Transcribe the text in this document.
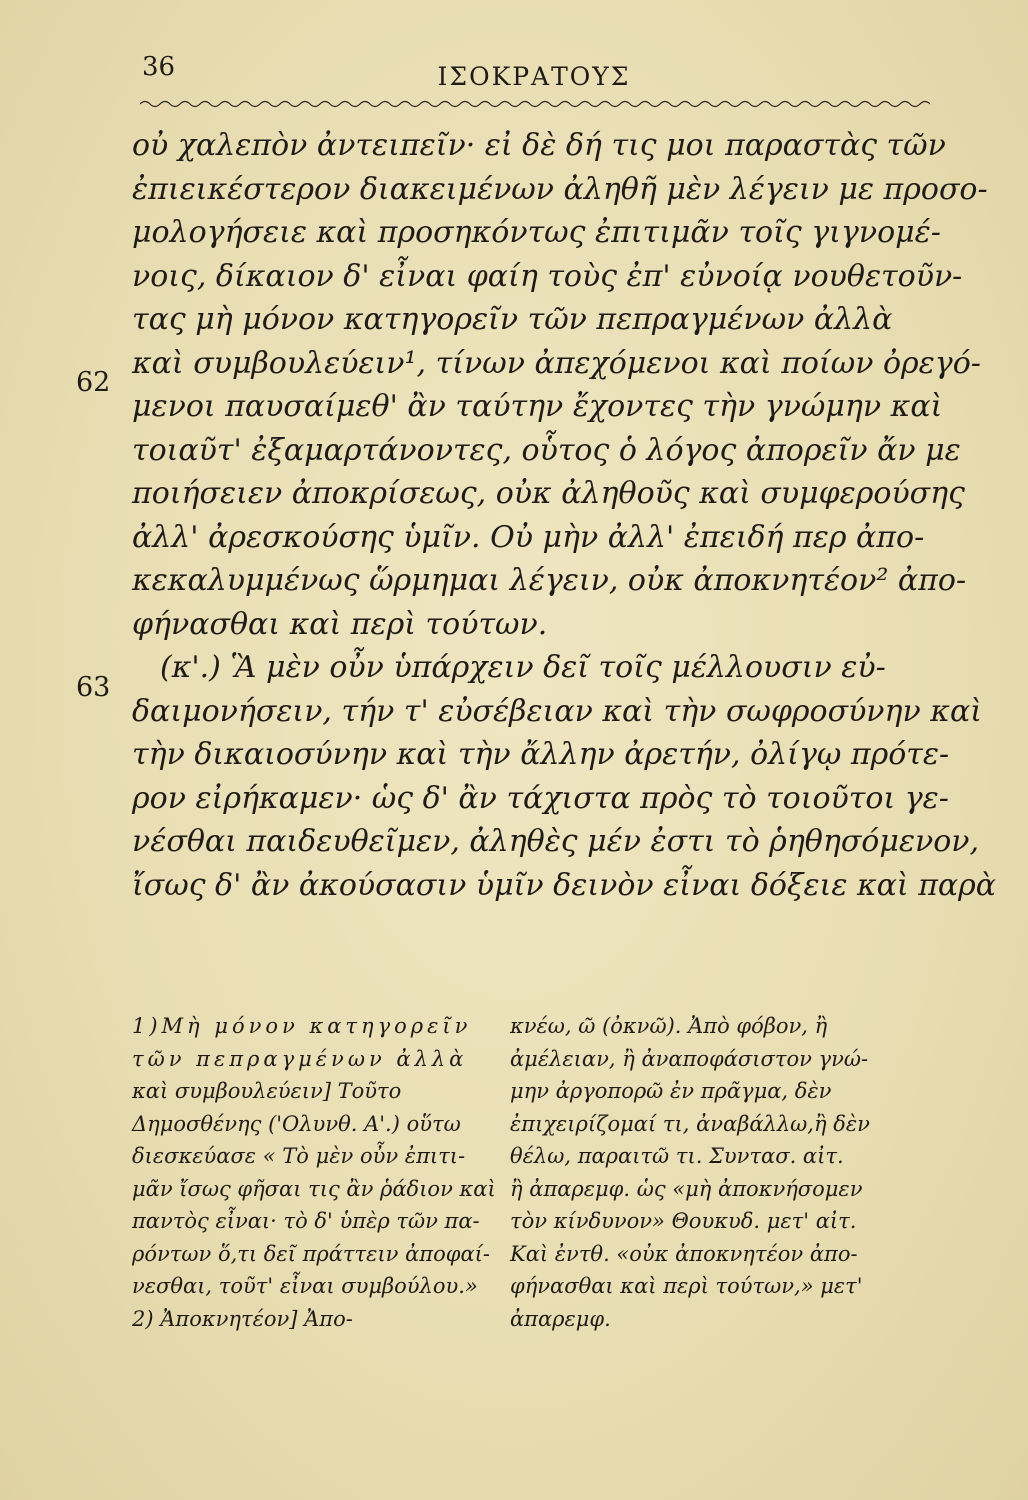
36	ΙΣΟΚΡΑΤΟΥΣ
62
63
οὐ χαλεπὸν ἀντειπεῖν· εἰ δὲ δή τις μοι παραστὰς τῶν
ἐπιεικέστερον διακειμένων ἀληθῆ μὲν λέγειν με προσο-
μολογήσειε καὶ προσηκόντως ἐπιτιμᾶν τοῖς γιγνομέ-
νοις, δίκαιον δ' εἶναι φαίη τοὺς ἐπ' εὐνοίᾳ νουθετοῦν-
τας μὴ μόνον κατηγορεῖν τῶν πεπραγμένων ἀλλὰ
καὶ συμβουλεύειν¹, τίνων ἀπεχόμενοι καὶ ποίων ὀρεγό-
μενοι παυσαίμεθ' ἂν ταύτην ἔχοντες τὴν γνώμην καὶ
τοιαῦτ' ἐξαμαρτάνοντες, οὗτος ὁ λόγος ἀπορεῖν ἄν με
ποιήσειεν ἀποκρίσεως, οὐκ ἀληθοῦς καὶ συμφερούσης
ἀλλ' ἀρεσκούσης ὑμῖν. Οὐ μὴν ἀλλ' ἐπειδή περ ἀπο-
κεκαλυμμένως ὥρμημαι λέγειν, οὐκ ἀποκνητέον² ἀπο-
φήνασθαι καὶ περὶ τούτων.
(κ'.) Ἃ μὲν οὖν ὑπάρχειν δεῖ τοῖς μέλλουσιν εὐ-
δαιμονήσειν, τήν τ' εὐσέβειαν καὶ τὴν σωφροσύνην καὶ
τὴν δικαιοσύνην καὶ τὴν ἄλλην ἀρετήν, ὀλίγῳ πρότε-
ρον εἰρήκαμεν· ὡς δ' ἂν τάχιστα πρὸς τὸ τοιοῦτοι γε-
νέσθαι παιδευθεῖμεν, ἀληθὲς μέν ἐστι τὸ ῥηθησόμενον,
ἴσως δ' ἂν ἀκούσασιν ὑμῖν δεινὸν εἶναι δόξειε καὶ παρὰ
1)Μὴ μόνον κατηγορεῖν
τῶν πεπραγμένων ἀλλὰ
καὶ συμβουλεύειν] Τοῦτο
Δημοσθένης ('Ολυνθ. Α'.) οὕτω
διεσκεύασε « Τὸ μὲν οὖν ἐπιτι-
μᾶν ἴσως φῆσαι τις ἂν ῥάδιον καὶ
παντὸς εἶναι· τὸ δ' ὑπὲρ τῶν πα-
ρόντων ὅ,τι δεῖ πράττειν ἀποφαί-
νεσθαι, τοῦτ' εἶναι συμβούλου.»
2) Ἀποκνητέον] Ἀπο-
κνέω, ῶ (ὀκνῶ). Ἀπὸ φόβον, ἢ
ἀμέλειαν, ἢ ἀναποφάσιστον γνώ-
μην ἀργοπορῶ ἐν πρᾶγμα, δὲν
ἐπιχειρίζομαί τι, ἀναβάλλω,ἢ δὲν
θέλω, παραιτῶ τι. Συντασ. αἰτ.
ἢ ἀπαρεμφ. ὡς «μὴ ἀποκνήσομεν
τὸν κίνδυνον» Θουκυδ. μετ' αἰτ.
Καὶ ἐντθ. «οὐκ ἀποκνητέον ἀπο-
φήνασθαι καὶ περὶ τούτων,» μετ'
ἀπαρεμφ.
